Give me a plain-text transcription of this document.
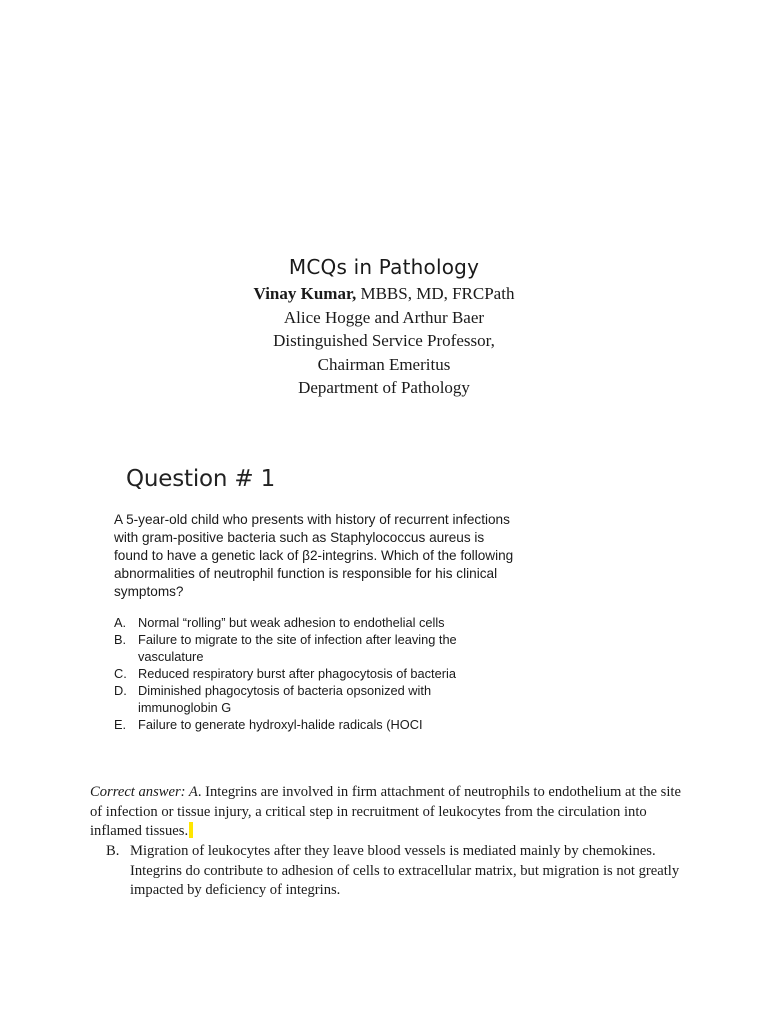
MCQs in Pathology
Vinay Kumar, MBBS, MD, FRCPath
Alice Hogge and Arthur Baer
Distinguished Service Professor,
Chairman Emeritus
Department of Pathology
Question # 1
A 5-year-old child who presents with history of recurrent infections with gram-positive bacteria such as Staphylococcus aureus is found to have a genetic lack of β2-integrins. Which of the following abnormalities of neutrophil function is responsible for his clinical symptoms?
A. Normal “rolling” but weak adhesion to endothelial cells
B. Failure to migrate to the site of infection after leaving the vasculature
C. Reduced respiratory burst after phagocytosis of bacteria
D. Diminished phagocytosis of bacteria opsonized with immunoglobin G
E. Failure to generate hydroxyl-halide radicals (HOCI
Correct answer: A. Integrins are involved in firm attachment of neutrophils to endothelium at the site of infection or tissue injury, a critical step in recruitment of leukocytes from the circulation into inflamed tissues.
B. Migration of leukocytes after they leave blood vessels is mediated mainly by chemokines. Integrins do contribute to adhesion of cells to extracellular matrix, but migration is not greatly impacted by deficiency of integrins.
